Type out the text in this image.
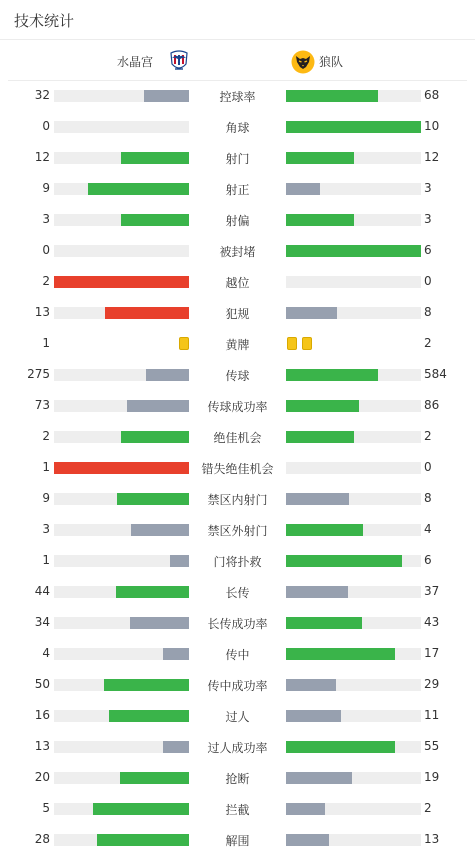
技术统计
水晶宫	狼队
32	控球率	68
0	角球	10
12	射门	12
9	射正	3
3	射偏	3
0	被封堵	6
2	越位	0
13	犯规	8
1	黄牌	2
275	传球	584
73	传球成功率	86
2	绝佳机会	2
1	错失绝佳机会	0
9	禁区内射门	8
3	禁区外射门	4
1	门将扑救	6
44	长传	37
34	长传成功率	43
4	传中	17
50	传中成功率	29
16	过人	11
13	过人成功率	55
20	抢断	19
5	拦截	2
28	解围	13
